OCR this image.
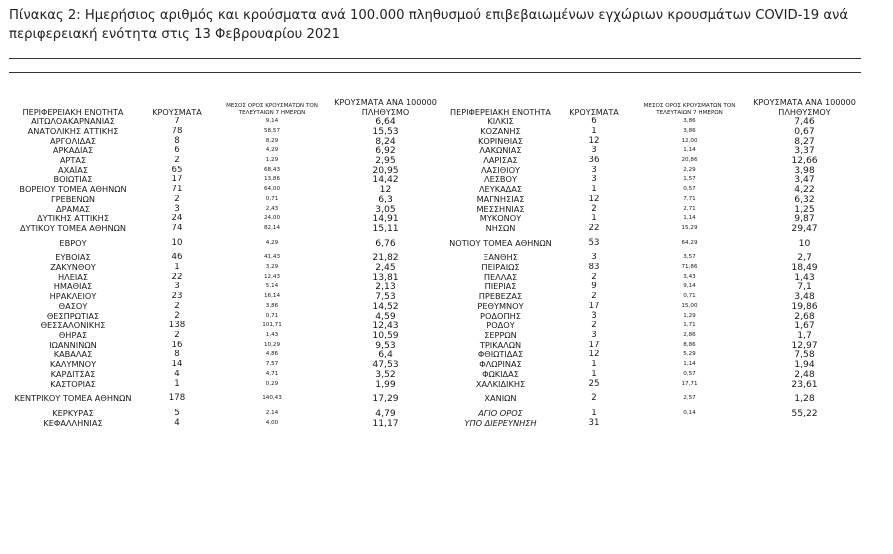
Πίνακας 2: Ημερήσιος αριθμός και κρούσματα ανά 100.000 πληθυσμού επιβεβαιωμένων εγχώριων κρουσμάτων COVID-19 ανά περιφερειακή ενότητα στις 13 Φεβρουαρίου 2021
ΠΕΡΙΦΕΡΕΙΑΚΗ ΕΝΟΤΗΤΑ	ΚΡΟΥΣΜΑΤΑ	ΜΕΣΟΣ ΟΡΟΣ ΚΡΟΥΣΜΑΤΩΝ ΤΟΝ ΤΕΛΕΥΤΑΙΩΝ 7 ΗΜΕΡΩΝ	ΚΡΟΥΣΜΑΤΑ ΑΝΑ 100000 ΠΛΗΘΥΣΜΟ	ΠΕΡΙΦΕΡΕΙΑΚΗ ΕΝΟΤΗΤΑ	ΚΡΟΥΣΜΑΤΑ	ΜΕΣΟΣ ΟΡΟΣ ΚΡΟΥΣΜΑΤΩΝ ΤΟΝ ΤΕΛΕΥΤΑΙΩΝ 7 ΗΜΕΡΩΝ	ΚΡΟΥΣΜΑΤΑ ΑΝΑ 100000 ΠΛΗΘΥΣΜΟΥ
ΑΙΤΩΛΟΑΚΑΡΝΑΝΙΑΣ	7	9,14	6,64	ΚΙΛΚΙΣ	6	3,86	7,46
ΑΝΑΤΟΛΙΚΗΣ ΑΤΤΙΚΗΣ	78	58,57	15,53	ΚΟΖΑΝΗΣ	1	3,86	0,67
ΑΡΓΟΛΙΔΑΣ	8	8,29	8,24	ΚΟΡΙΝΘΙΑΣ	12	12,00	8,27
ΑΡΚΑΔΙΑΣ	6	4,29	6,92	ΛΑΚΩΝΙΑΣ	3	1,14	3,37
ΑΡΤΑΣ	2	1,29	2,95	ΛΑΡΙΣΑΣ	36	20,86	12,66
ΑΧΑΪΑΣ	65	68,43	20,95	ΛΑΣΙΘΙΟΥ	3	2,29	3,98
ΒΟΙΩΤΙΑΣ	17	13,86	14,42	ΛΕΣΒΟΥ	3	1,57	3,47
ΒΟΡΕΙΟΥ ΤΟΜΕΑ ΑΘΗΝΩΝ	71	64,00	12	ΛΕΥΚΑΔΑΣ	1	0,57	4,22
ΓΡΕΒΕΝΩΝ	2	0,71	6,3	ΜΑΓΝΗΣΙΑΣ	12	7,71	6,32
ΔΡΑΜΑΣ	3	2,43	3,05	ΜΕΣΣΗΝΙΑΣ	2	2,71	1,25
ΔΥΤΙΚΗΣ ΑΤΤΙΚΗΣ	24	24,00	14,91	ΜΥΚΟΝΟΥ	1	1,14	9,87
ΔΥΤΙΚΟΥ ΤΟΜΕΑ ΑΘΗΝΩΝ	74	82,14	15,11	ΝΗΣΩΝ	22	15,29	29,47
ΕΒΡΟΥ	10	4,29	6,76	ΝΟΤΙΟΥ ΤΟΜΕΑ ΑΘΗΝΩΝ	53	64,29	10
ΕΥΒΟΙΑΣ	46	41,43	21,82	ΞΑΝΘΗΣ	3	3,57	2,7
ΖΑΚΥΝΘΟΥ	1	3,29	2,45	ΠΕΙΡΑΙΩΣ	83	71,86	18,49
ΗΛΕΙΑΣ	22	12,43	13,81	ΠΕΛΛΑΣ	2	3,43	1,43
ΗΜΑΘΙΑΣ	3	5,14	2,13	ΠΙΕΡΙΑΣ	9	9,14	7,1
ΗΡΑΚΛΕΙΟΥ	23	16,14	7,53	ΠΡΕΒΕΖΑΣ	2	0,71	3,48
ΘΑΣΟΥ	2	3,86	14,52	ΡΕΘΥΜΝΟΥ	17	15,00	19,86
ΘΕΣΠΡΩΤΙΑΣ	2	0,71	4,59	ΡΟΔΟΠΗΣ	3	1,29	2,68
ΘΕΣΣΑΛΟΝΙΚΗΣ	138	101,71	12,43	ΡΟΔΟΥ	2	1,71	1,67
ΘΗΡΑΣ	2	1,43	10,59	ΣΕΡΡΩΝ	3	2,86	1,7
ΙΩΑΝΝΙΝΩΝ	16	10,29	9,53	ΤΡΙΚΑΛΩΝ	17	8,86	12,97
ΚΑΒΑΛΑΣ	8	4,86	6,4	ΦΘΙΩΤΙΔΑΣ	12	5,29	7,58
ΚΑΛΥΜΝΟΥ	14	7,57	47,53	ΦΛΩΡΙΝΑΣ	1	1,14	1,94
ΚΑΡΔΙΤΣΑΣ	4	4,71	3,52	ΦΩΚΙΔΑΣ	1	0,57	2,48
ΚΑΣΤΟΡΙΑΣ	1	0,29	1,99	ΧΑΛΚΙΔΙΚΗΣ	25	17,71	23,61
ΚΕΝΤΡΙΚΟΥ ΤΟΜΕΑ ΑΘΗΝΩΝ	178	140,43	17,29	ΧΑΝΙΩΝ	2	2,57	1,28
ΚΕΡΚΥΡΑΣ	5	2,14	4,79	ΑΓΙΟ ΟΡΟΣ	1	0,14	55,22
ΚΕΦΑΛΛΗΝΙΑΣ	4	4,00	11,17	ΥΠΟ ΔΙΕΡΕΥΝΗΣΗ	31		
